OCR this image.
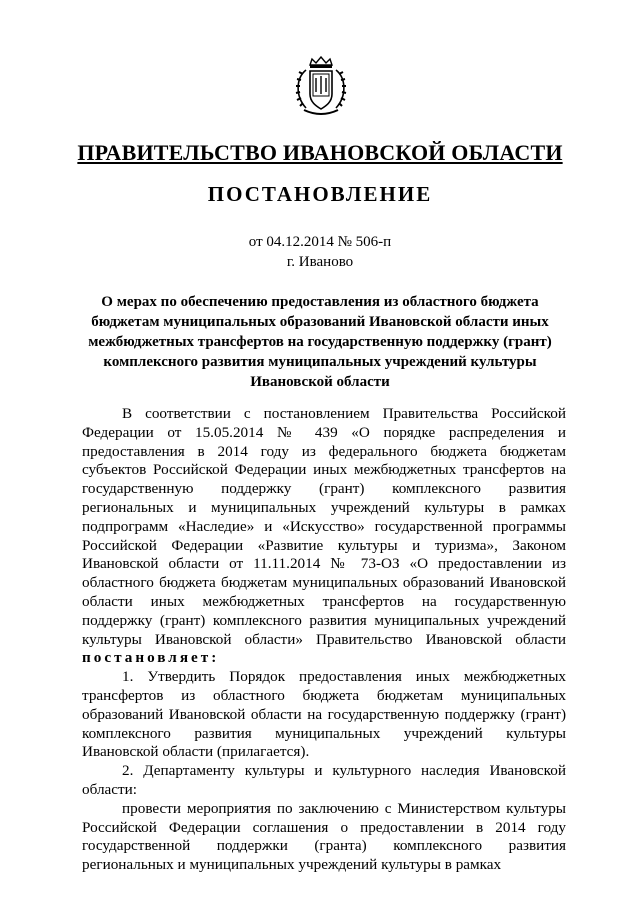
ПРАВИТЕЛЬСТВО ИВАНОВСКОЙ ОБЛАСТИ
ПОСТАНОВЛЕНИЕ
от 04.12.2014 № 506-п
г. Иваново
О мерах по обеспечению предоставления из областного бюджета бюджетам муниципальных образований Ивановской области иных межбюджетных трансфертов на государственную поддержку (грант) комплексного развития муниципальных учреждений культуры Ивановской области

В соответствии с постановлением Правительства Российской Федерации от 15.05.2014 № 439 «О порядке распределения и предоставления в 2014 году из федерального бюджета бюджетам субъектов Российской Федерации иных межбюджетных трансфертов на государственную поддержку (грант) комплексного развития региональных и муниципальных учреждений культуры в рамках подпрограмм «Наследие» и «Искусство» государственной программы Российской Федерации «Развитие культуры и туризма», Законом Ивановской области от 11.11.2014 № 73-ОЗ «О предоставлении из областного бюджета бюджетам муниципальных образований Ивановской области иных межбюджетных трансфертов на государственную поддержку (грант) комплексного развития муниципальных учреждений культуры Ивановской области» Правительство Ивановской области постановляет:

1. Утвердить Порядок предоставления иных межбюджетных трансфертов из областного бюджета бюджетам муниципальных образований Ивановской области на государственную поддержку (грант) комплексного развития муниципальных учреждений культуры Ивановской области (прилагается).

2. Департаменту культуры и культурного наследия Ивановской области:

провести мероприятия по заключению с Министерством культуры Российской Федерации соглашения о предоставлении в 2014 году государственной поддержки (гранта) комплексного развития региональных и муниципальных учреждений культуры в рамках
